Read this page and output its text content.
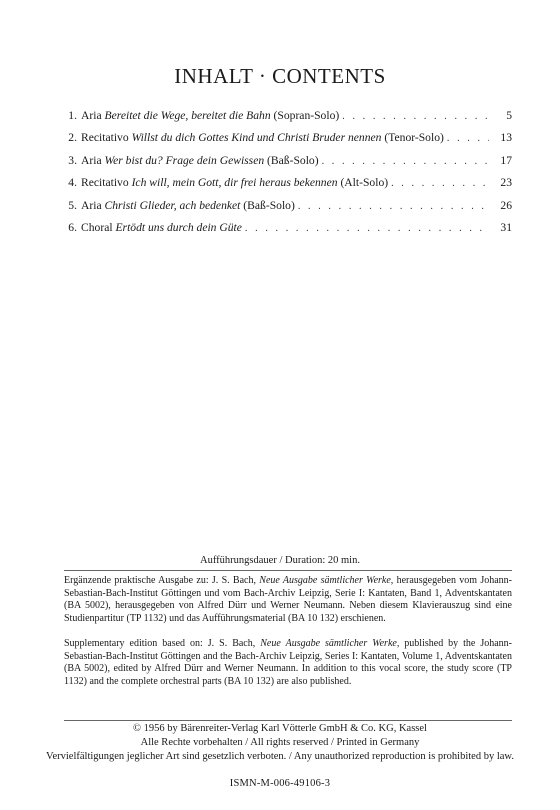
INHALT · CONTENTS
1. Aria Bereitet die Wege, bereitet die Bahn (Sopran-Solo) . . .	5
2. Recitativo Willst du dich Gottes Kind und Christi Bruder nennen (Tenor-Solo) . . .	13
3. Aria Wer bist du? Frage dein Gewissen (Baß-Solo) . . .	17
4. Recitativo Ich will, mein Gott, dir frei heraus bekennen (Alt-Solo) . . .	23
5. Aria Christi Glieder, ach bedenket (Baß-Solo) . . .	26
6. Choral Ertödt uns durch dein Güte . . .	31
Aufführungsdauer / Duration: 20 min.
Ergänzende praktische Ausgabe zu: J. S. Bach, Neue Ausgabe sämtlicher Werke, herausgegeben vom Johann-Sebastian-Bach-Institut Göttingen und vom Bach-Archiv Leipzig, Serie I: Kantaten, Band 1, Adventskantaten (BA 5002), herausgegeben von Alfred Dürr und Werner Neumann. Neben diesem Klavierauszug sind eine Studienpartitur (TP 1132) und das Aufführungsmaterial (BA 10 132) erschienen.
Supplementary edition based on: J. S. Bach, Neue Ausgabe sämtlicher Werke, published by the Johann-Sebastian-Bach-Institut Göttingen and the Bach-Archiv Leipzig, Series I: Kantaten, Volume 1, Adventskantaten (BA 5002), edited by Alfred Dürr and Werner Neumann. In addition to this vocal score, the study score (TP 1132) and the complete orchestral parts (BA 10 132) are also published.
© 1956 by Bärenreiter-Verlag Karl Vötterle GmbH & Co. KG, Kassel
Alle Rechte vorbehalten / All rights reserved / Printed in Germany
Vervielfältigungen jeglicher Art sind gesetzlich verboten. / Any unauthorized reproduction is prohibited by law.
ISMN-M-006-49106-3
